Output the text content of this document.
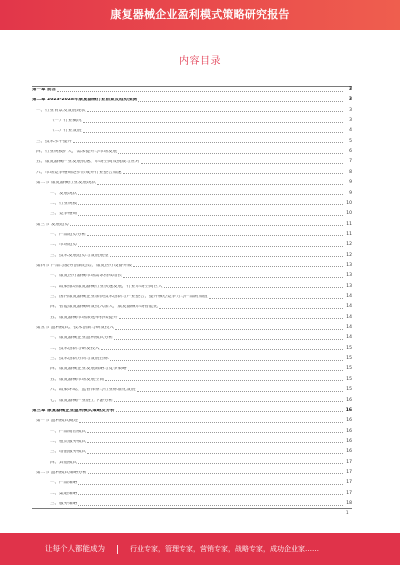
康复器械企业盈利模式策略研究报告
内容目录
第一章 前言	3
第二章 2023-2028年康复器械行业前景及趋势预测	3
一、行业背景及发展现状	3
（一）行业概况	3
（二）行业发展	4
三、技术水平提升	5
四、行业规模扩大，需求提升与市场发展	6
五、康复器械产业发展机遇、市场空间及挑战与应对	7
六、市场竞争格局逐步形成并行业整合加速	8
第二节 康复器械行业发展现状	9
一、发展现状	9
二、行业规模	10
三、竞争格局	10
第三节 发展趋势	11
一、产品趋势分析	11
二、市场趋势	12
三、技术发展趋势与发展展望	12
第四节 产品与服务创新趋势，康复医疗设备升级	13
一、康复医疗器械市场需求持续增长	13
二、政策推动康复器械行业快速发展，行业市场空间巨大	13
三、国内康复器械企业加快技术创新与产业整合，提升核心竞争力与产品附加值	14
四、智能康复器械研发投入加大，康复器械市场智能化	14
五、康复器械市场渗透率持续提升	14
第五节 盈利模式、技术创新与研发投入	14
一、康复器械企业盈利模式分析	14
二、技术创新与研发投入	15
三、技术创新方向与发展目标	15
四、康复器械企业发展战略与竞争策略	15
五、康复器械市场发展空间	15
六、政策环境、监管体系与行业标准化发展	15
七、康复器械产业链上下游分析	16
第三章 康复器械企业盈利模式策略及分析	16
第一节 盈利模式概述	16
一、产品销售模式	16
二、租赁服务模式	16
三、增值服务模式	16
四、其他模式	17
第二节 盈利模式策略分析	17
一、产品策略	17
二、渠道策略	17
三、服务策略	18
1
让每个人都能成为	行业专家，管理专家，营销专家，战略专家，成功企业家……
